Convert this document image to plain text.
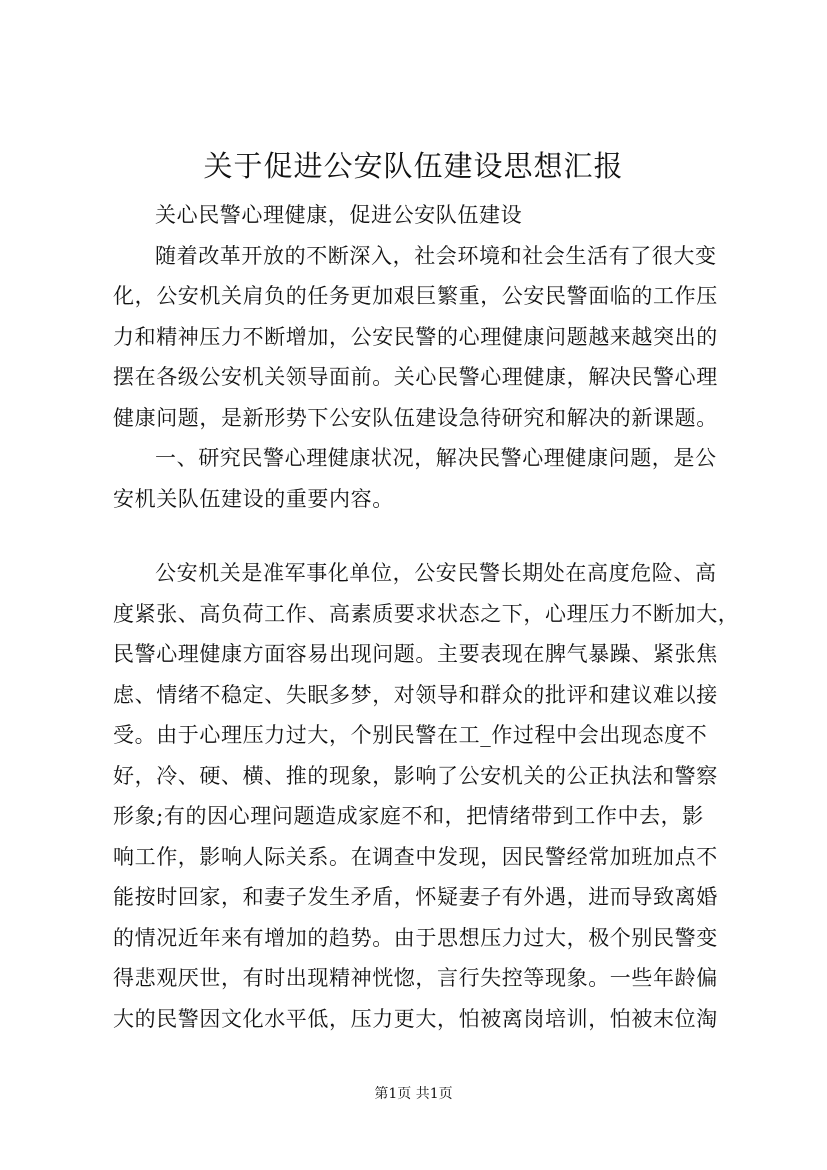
关于促进公安队伍建设思想汇报
关心民警心理健康，促进公安队伍建设
随着改革开放的不断深入，社会环境和社会生活有了很大变
化，公安机关肩负的任务更加艰巨繁重，公安民警面临的工作压
力和精神压力不断增加，公安民警的心理健康问题越来越突出的
摆在各级公安机关领导面前。关心民警心理健康，解决民警心理
健康问题，是新形势下公安队伍建设急待研究和解决的新课题。
一、研究民警心理健康状况，解决民警心理健康问题，是公
安机关队伍建设的重要内容。
公安机关是准军事化单位，公安民警长期处在高度危险、高
度紧张、高负荷工作、高素质要求状态之下，心理压力不断加大，
民警心理健康方面容易出现问题。主要表现在脾气暴躁、紧张焦
虑、情绪不稳定、失眠多梦，对领导和群众的批评和建议难以接
受。由于心理压力过大，个别民警在工_作过程中会出现态度不
好，冷、硬、横、推的现象，影响了公安机关的公正执法和警察
形象;有的因心理问题造成家庭不和，把情绪带到工作中去，影
响工作，影响人际关系。在调查中发现，因民警经常加班加点不
能按时回家，和妻子发生矛盾，怀疑妻子有外遇，进而导致离婚
的情况近年来有增加的趋势。由于思想压力过大，极个别民警变
得悲观厌世，有时出现精神恍惚，言行失控等现象。一些年龄偏
大的民警因文化水平低，压力更大，怕被离岗培训，怕被末位淘
第1页 共1页
